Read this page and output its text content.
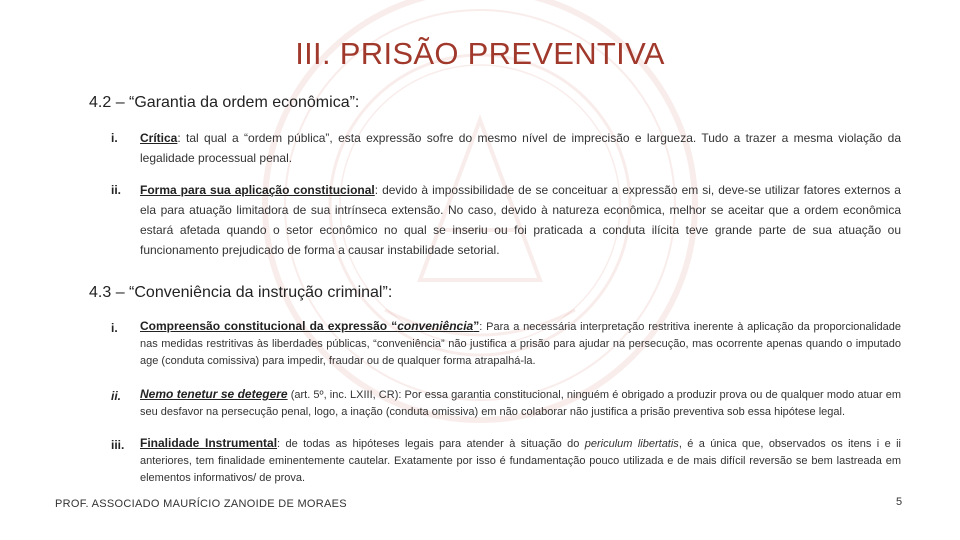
III. PRISÃO PREVENTIVA
4.2 – “Garantia da ordem econômica”:
i. Crítica: tal qual a “ordem pública”, esta expressão sofre do mesmo nível de imprecisão e largueza. Tudo a trazer a mesma violação da legalidade processual penal.
ii. Forma para sua aplicação constitucional: devido à impossibilidade de se conceituar a expressão em si, deve-se utilizar fatores externos a ela para atuação limitadora de sua intrínseca extensão. No caso, devido à natureza econômica, melhor se aceitar que a ordem econômica estará afetada quando o setor econômico no qual se inseriu ou foi praticada a conduta ilícita teve grande parte de sua atuação ou funcionamento prejudicado de forma a causar instabilidade setorial.
4.3 – “Conveniência da instrução criminal”:
i. Compreensão constitucional da expressão “conveniência”: Para a necessária interpretação restritiva inerente à aplicação da proporcionalidade nas medidas restritivas às liberdades públicas, “conveniência” não justifica a prisão para ajudar na persecução, mas ocorrente apenas quando o imputado age (conduta comissiva) para impedir, fraudar ou de qualquer forma atrapalhá-la.
ii. Nemo tenetur se detegere (art. 5º, inc. LXIII, CR): Por essa garantia constitucional, ninguém é obrigado a produzir prova ou de qualquer modo atuar em seu desfavor na persecução penal, logo, a inação (conduta omissiva) em não colaborar não justifica a prisão preventiva sob essa hipótese legal.
iii. Finalidade Instrumental: de todas as hipóteses legais para atender à situação do periculum libertatis, é a única que, observados os itens i e ii anteriores, tem finalidade eminentemente cautelar. Exatamente por isso é fundamentação pouco utilizada e de mais difícil reversão se bem lastreada em elementos informativos/ de prova.
PROF. ASSOCIADO MAURÍCIO ZANOIDE DE MORAES	5
